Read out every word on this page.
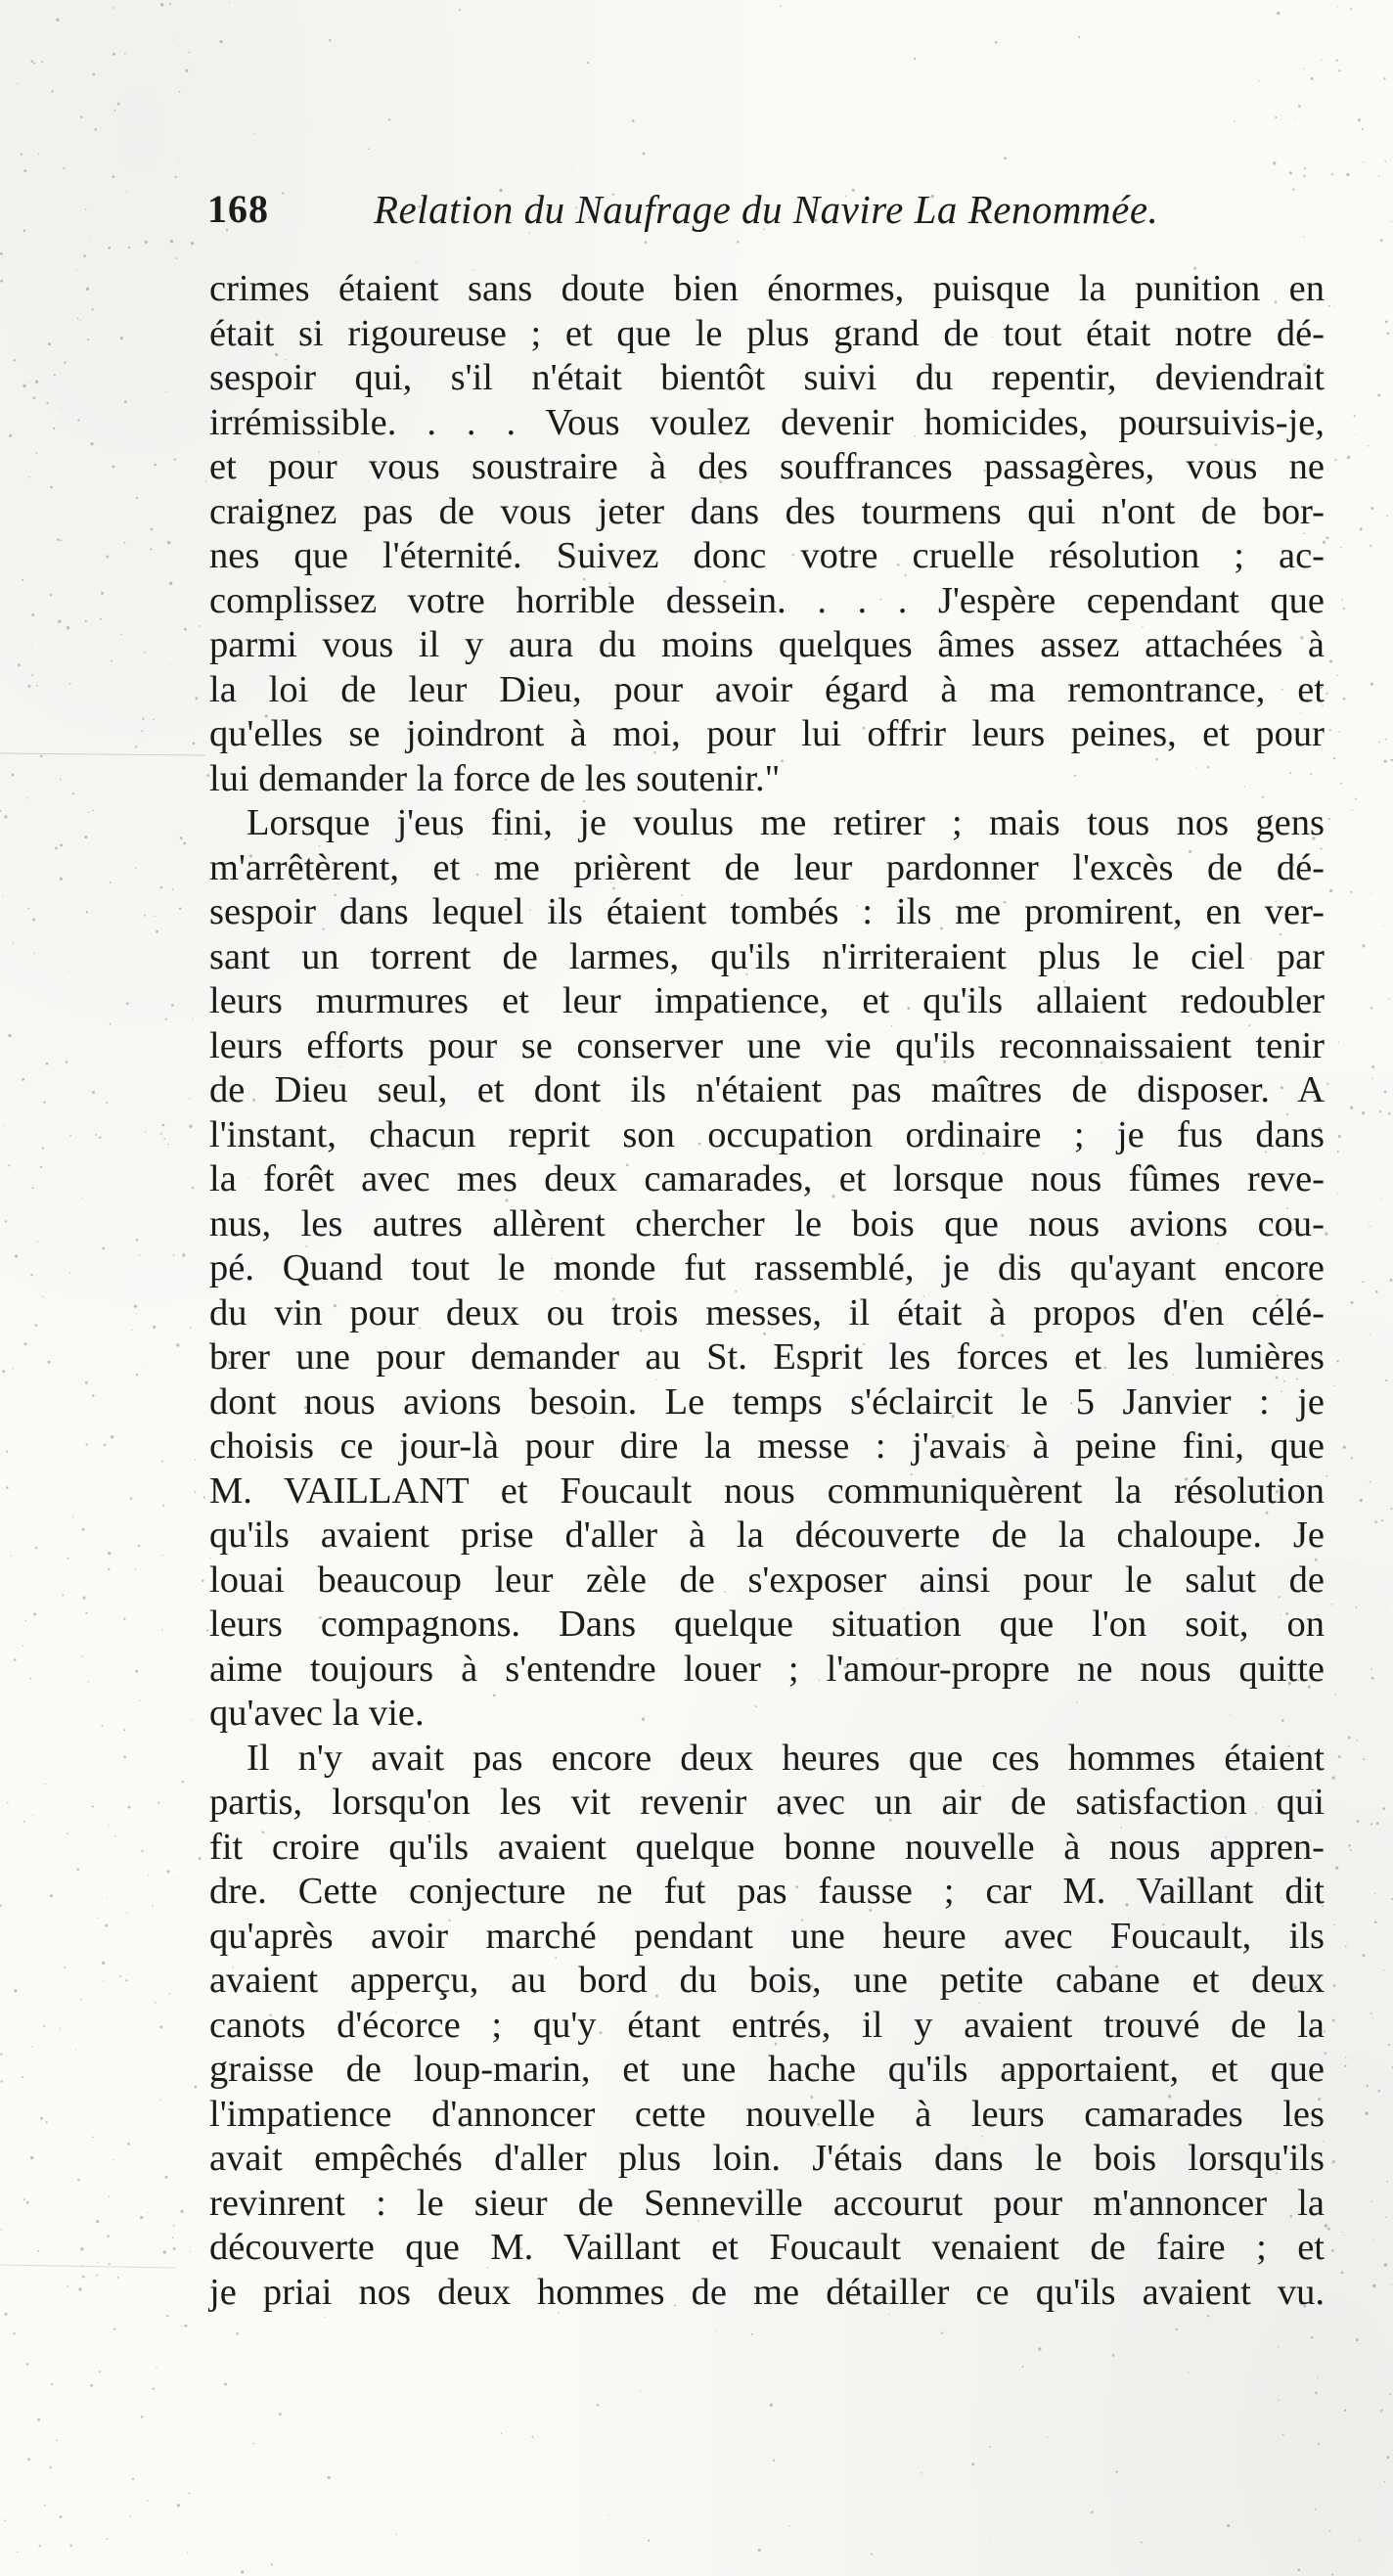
168	Relation du Naufrage du Navire La Renommée.
crimes étaient sans doute bien énormes, puisque la punition en
était si rigoureuse ; et que le plus grand de tout était notre dé-
sespoir qui, s'il n'était bientôt suivi du repentir, deviendrait
irrémissible. . . . Vous voulez devenir homicides, poursuivis-je,
et pour vous soustraire à des souffrances passagères, vous ne
craignez pas de vous jeter dans des tourmens qui n'ont de bor-
nes que l'éternité. Suivez donc votre cruelle résolution ; ac-
complissez votre horrible dessein. . . . J'espère cependant que
parmi vous il y aura du moins quelques âmes assez attachées à
la loi de leur Dieu, pour avoir égard à ma remontrance, et
qu'elles se joindront à moi, pour lui offrir leurs peines, et pour
lui demander la force de les soutenir."
Lorsque j'eus fini, je voulus me retirer ; mais tous nos gens
m'arrêtèrent, et me prièrent de leur pardonner l'excès de dé-
sespoir dans lequel ils étaient tombés : ils me promirent, en ver-
sant un torrent de larmes, qu'ils n'irriteraient plus le ciel par
leurs murmures et leur impatience, et qu'ils allaient redoubler
leurs efforts pour se conserver une vie qu'ils reconnaissaient tenir
de Dieu seul, et dont ils n'étaient pas maîtres de disposer. A
l'instant, chacun reprit son occupation ordinaire ; je fus dans
la forêt avec mes deux camarades, et lorsque nous fûmes reve-
nus, les autres allèrent chercher le bois que nous avions cou-
pé. Quand tout le monde fut rassemblé, je dis qu'ayant encore
du vin pour deux ou trois messes, il était à propos d'en célé-
brer une pour demander au St. Esprit les forces et les lumières
dont nous avions besoin. Le temps s'éclaircit le 5 Janvier : je
choisis ce jour-là pour dire la messe : j'avais à peine fini, que
M. VAILLANT et Foucault nous communiquèrent la résolution
qu'ils avaient prise d'aller à la découverte de la chaloupe. Je
louai beaucoup leur zèle de s'exposer ainsi pour le salut de
leurs compagnons. Dans quelque situation que l'on soit, on
aime toujours à s'entendre louer ; l'amour-propre ne nous quitte
qu'avec la vie.
Il n'y avait pas encore deux heures que ces hommes étaient
partis, lorsqu'on les vit revenir avec un air de satisfaction qui
fit croire qu'ils avaient quelque bonne nouvelle à nous appren-
dre. Cette conjecture ne fut pas fausse ; car M. Vaillant dit
qu'après avoir marché pendant une heure avec Foucault, ils
avaient apperçu, au bord du bois, une petite cabane et deux
canots d'écorce ; qu'y étant entrés, il y avaient trouvé de la
graisse de loup-marin, et une hache qu'ils apportaient, et que
l'impatience d'annoncer cette nouvelle à leurs camarades les
avait empêchés d'aller plus loin. J'étais dans le bois lorsqu'ils
revinrent : le sieur de Senneville accourut pour m'annoncer la
découverte que M. Vaillant et Foucault venaient de faire ; et
je priai nos deux hommes de me détailler ce qu'ils avaient vu.
